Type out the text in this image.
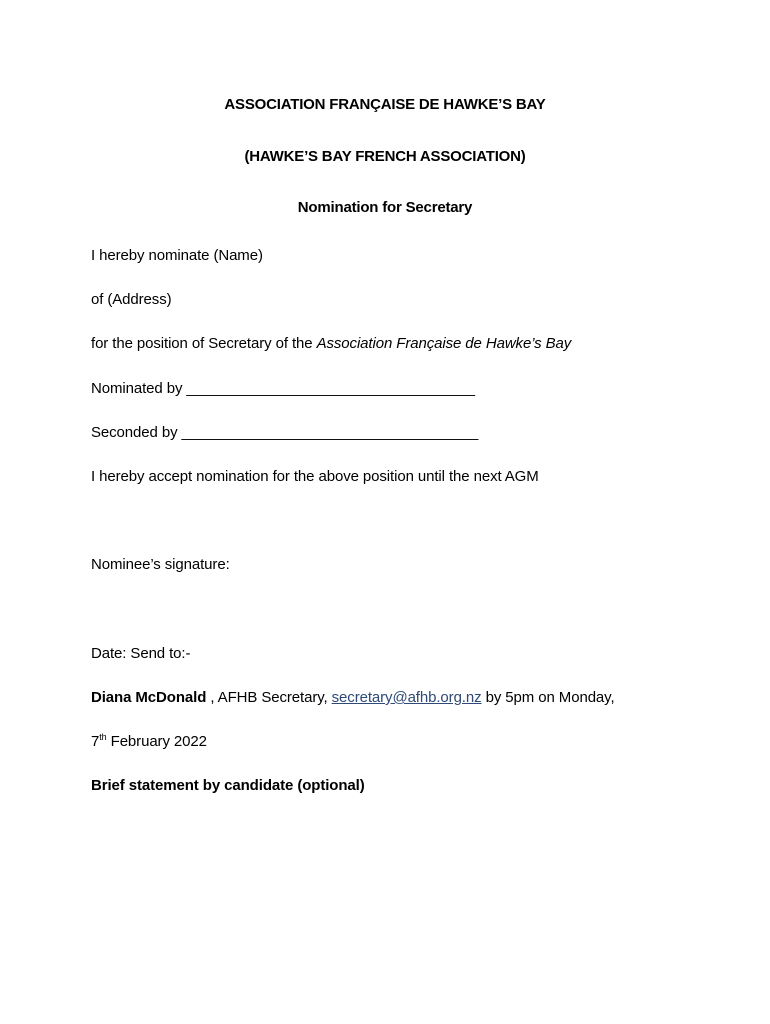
ASSOCIATION FRANÇAISE DE HAWKE’S BAY
(HAWKE’S BAY FRENCH ASSOCIATION)
Nomination for Secretary
I hereby nominate (Name)
of (Address)
for the position of Secretary of the Association Française de Hawke’s Bay
Nominated by ___________________________________
Seconded by ____________________________________
I hereby accept nomination for the above position until the next AGM
Nominee’s signature:
Date: Send to:-
Diana McDonald , AFHB Secretary, secretary@afhb.org.nz by 5pm on Monday,
7th February 2022
Brief statement by candidate (optional)
